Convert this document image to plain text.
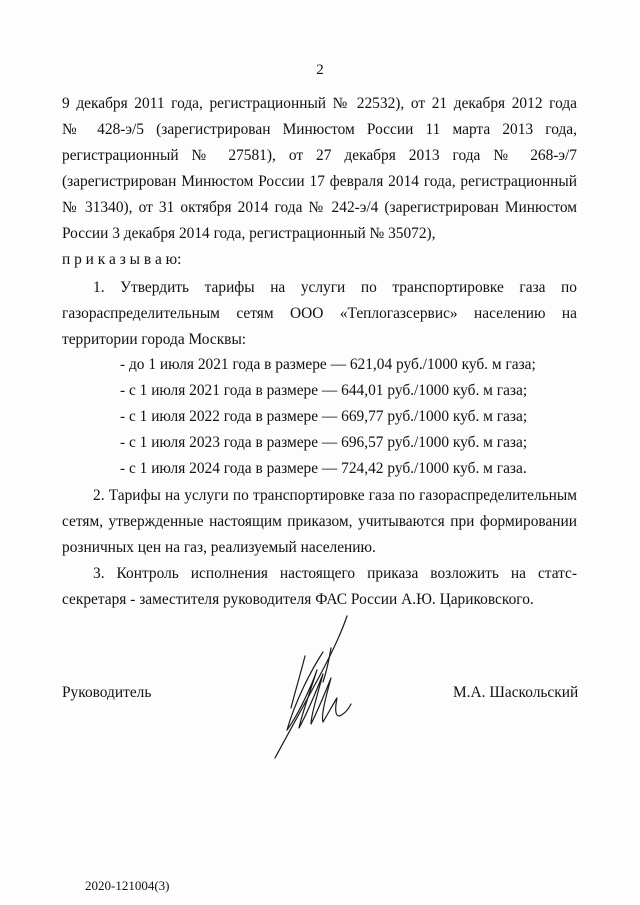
2
9 декабря 2011 года, регистрационный № 22532), от 21 декабря 2012 года
№ 428-э/5 (зарегистрирован Минюстом России 11 марта 2013 года,
регистрационный № 27581), от 27 декабря 2013 года № 268-э/7
(зарегистрирован Минюстом России 17 февраля 2014 года, регистрационный
№ 31340), от 31 октября 2014 года № 242-э/4 (зарегистрирован Минюстом
России 3 декабря 2014 года, регистрационный № 35072),
п р и к а з ы в а ю:
1. Утвердить тарифы на услуги по транспортировке газа по
газораспределительным сетям ООО «Теплогазсервис» населению на
территории города Москвы:
- до 1 июля 2021 года в размере — 621,04 руб./1000 куб. м газа;
- с 1 июля 2021 года в размере — 644,01 руб./1000 куб. м газа;
- с 1 июля 2022 года в размере — 669,77 руб./1000 куб. м газа;
- с 1 июля 2023 года в размере — 696,57 руб./1000 куб. м газа;
- с 1 июля 2024 года в размере — 724,42 руб./1000 куб. м газа.
2. Тарифы на услуги по транспортировке газа по газораспределительным
сетям, утвержденные настоящим приказом, учитываются при формировании
розничных цен на газ, реализуемый населению.
3. Контроль исполнения настоящего приказа возложить на статс-
секретаря - заместителя руководителя ФАС России А.Ю. Цариковского.
Руководитель	М.А. Шаскольский
2020-121004(3)
